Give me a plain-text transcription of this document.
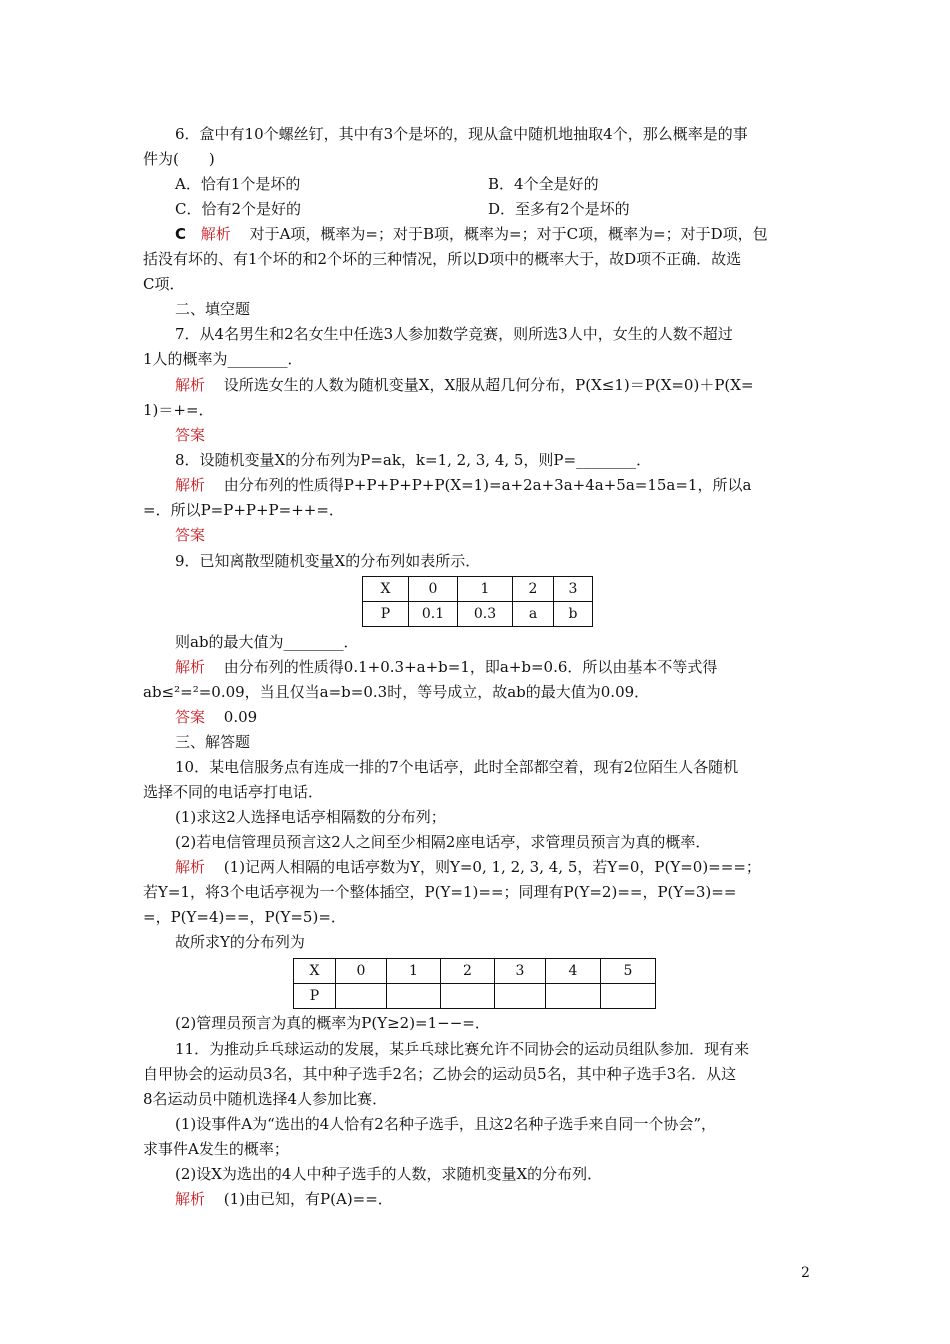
6．盒中有10个螺丝钉，其中有3个是坏的，现从盒中随机地抽取4个，那么概率是的事
件为(　　)
A．恰有1个是坏的	B．4个全是好的
C．恰有2个是好的	D．至多有2个是坏的
C 解析 对于A项，概率为=；对于B项，概率为=；对于C项，概率为=；对于D项，包
括没有坏的、有1个坏的和2个坏的三种情况，所以D项中的概率大于，故D项不正确．故选
C项．
二、填空题
7．从4名男生和2名女生中任选3人参加数学竞赛，则所选3人中，女生的人数不超过
1人的概率为________．
解析 设所选女生的人数为随机变量X，X服从超几何分布，P(X≤1)＝P(X=0)＋P(X=
1)＝+=．
答案
8．设随机变量X的分布列为P=ak，k=1, 2, 3, 4, 5，则P=________．
解析 由分布列的性质得P+P+P+P+P(X=1)=a+2a+3a+4a+5a=15a=1，所以a
=．所以P=P+P+P=++=．
答案
9．已知离散型随机变量X的分布列如表所示．
X	0	1	2	3
P	0.1	0.3	a	b
则ab的最大值为________．
解析 由分布列的性质得0.1+0.3+a+b=1，即a+b=0.6．所以由基本不等式得
ab≤²=²=0.09，当且仅当a=b=0.3时，等号成立，故ab的最大值为0.09．
答案 0.09
三、解答题
10．某电信服务点有连成一排的7个电话亭，此时全部都空着，现有2位陌生人各随机
选择不同的电话亭打电话．
(1)求这2人选择电话亭相隔数的分布列；
(2)若电信管理员预言这2人之间至少相隔2座电话亭，求管理员预言为真的概率．
解析 (1)记两人相隔的电话亭数为Y，则Y=0, 1, 2, 3, 4, 5，若Y=0，P(Y=0)===；
若Y=1，将3个电话亭视为一个整体插空，P(Y=1)==；同理有P(Y=2)==，P(Y=3)==
=，P(Y=4)==，P(Y=5)=．
故所求Y的分布列为
X	0	1	2	3	4	5
P						
(2)管理员预言为真的概率为P(Y≥2)=1−−=．
11．为推动乒乓球运动的发展，某乒乓球比赛允许不同协会的运动员组队参加．现有来
自甲协会的运动员3名，其中种子选手2名；乙协会的运动员5名，其中种子选手3名．从这
8名运动员中随机选择4人参加比赛．
(1)设事件A为“选出的4人恰有2名种子选手，且这2名种子选手来自同一个协会”，
求事件A发生的概率；
(2)设X为选出的4人中种子选手的人数，求随机变量X的分布列．
解析 (1)由已知，有P(A)==．
2
